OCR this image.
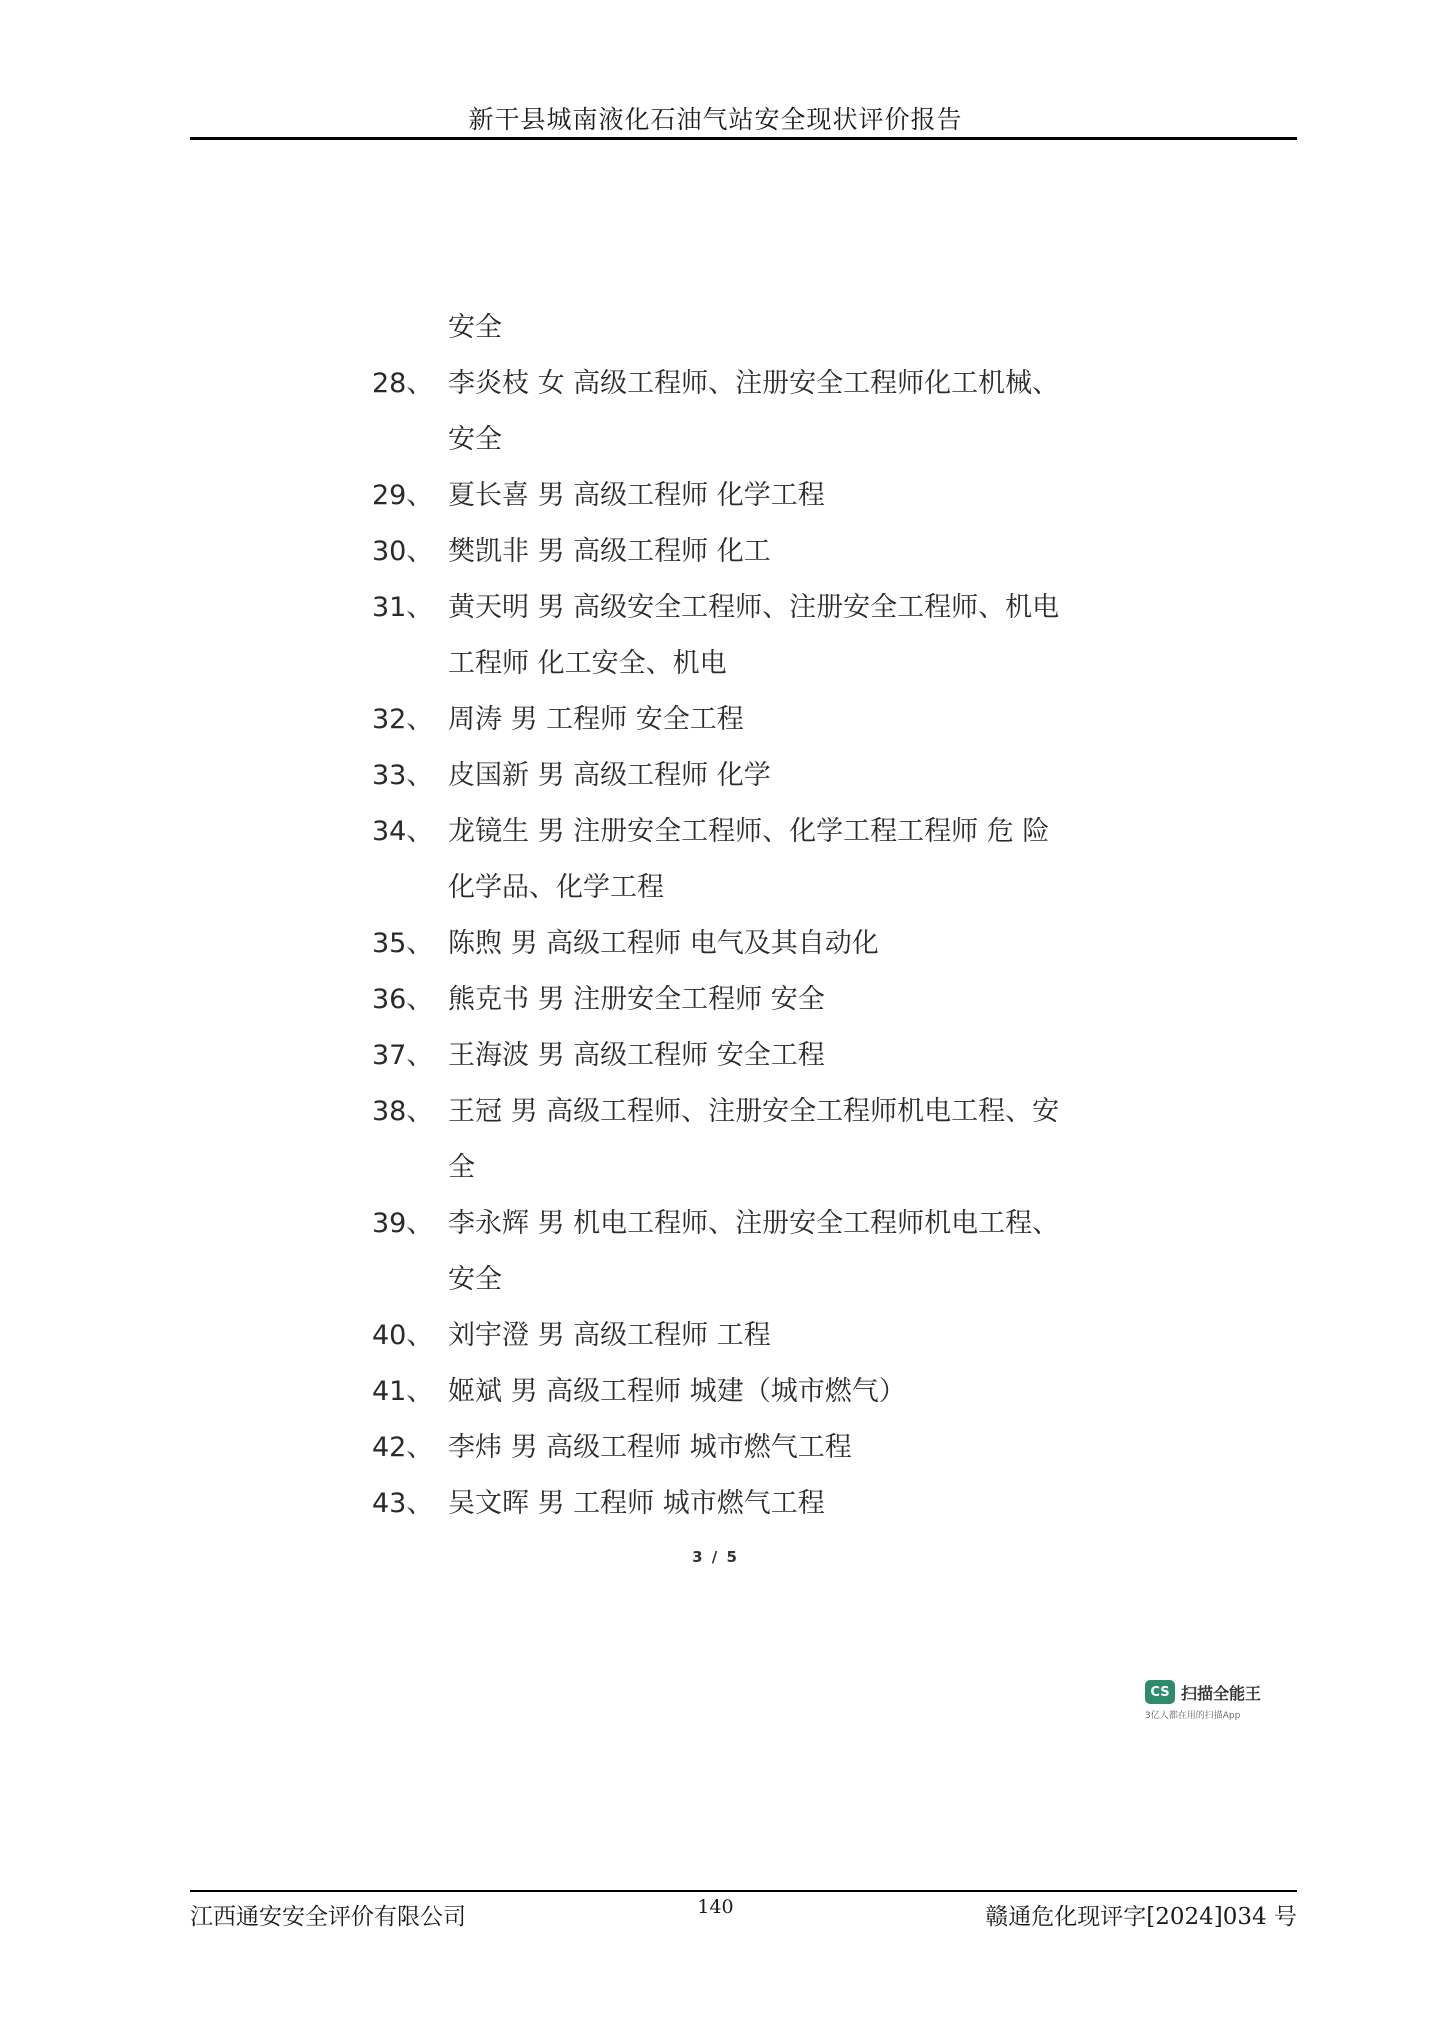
新干县城南液化石油气站安全现状评价报告
安全
28、 李炎枝 女 高级工程师、注册安全工程师化工机械、
安全
29、 夏长喜 男 高级工程师 化学工程
30、 樊凯非 男 高级工程师 化工
31、 黄天明 男 高级安全工程师、注册安全工程师、机电
工程师 化工安全、机电
32、 周涛 男 工程师 安全工程
33、 皮国新 男 高级工程师 化学
34、 龙镜生 男 注册安全工程师、化学工程工程师 危 险
化学品、化学工程
35、 陈煦 男 高级工程师 电气及其自动化
36、 熊克书 男 注册安全工程师 安全
37、 王海波 男 高级工程师 安全工程
38、 王冠 男 高级工程师、注册安全工程师机电工程、安
全
39、 李永辉 男 机电工程师、注册安全工程师机电工程、
安全
40、 刘宇澄 男 高级工程师 工程
41、 姬斌 男 高级工程师 城建（城市燃气）
42、 李炜 男 高级工程师 城市燃气工程
43、 吴文晖 男 工程师 城市燃气工程
3 / 5
CS 扫描全能王
3亿人都在用的扫描App
江西通安安全评价有限公司	140	赣通危化现评字[2024]034 号
